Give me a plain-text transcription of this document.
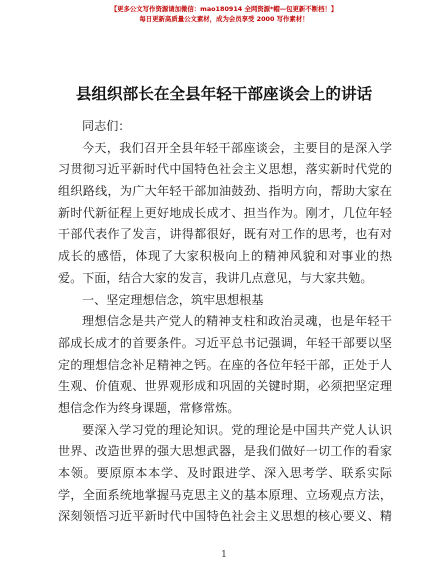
【更多公文写作资源请加微信：mao180914 全网资源*帽—包更新不断档！】
每日更新高质量公文素材，成为会员享受 2000 写作素材！
县组织部长在全县年轻干部座谈会上的讲话
同志们：
今天，我们召开全县年轻干部座谈会，主要目的是深入学
习贯彻习近平新时代中国特色社会主义思想，落实新时代党的
组织路线，为广大年轻干部加油鼓劲、指明方向，帮助大家在
新时代新征程上更好地成长成才、担当作为。刚才，几位年轻
干部代表作了发言，讲得都很好，既有对工作的思考，也有对
成长的感悟，体现了大家积极向上的精神风貌和对事业的热
爱。下面，结合大家的发言，我讲几点意见，与大家共勉。
一、坚定理想信念，筑牢思想根基
理想信念是共产党人的精神支柱和政治灵魂，也是年轻干
部成长成才的首要条件。习近平总书记强调，年轻干部要以坚
定的理想信念补足精神之钙。在座的各位年轻干部，正处于人
生观、价值观、世界观形成和巩固的关键时期，必须把坚定理
想信念作为终身课题，常修常炼。
要深入学习党的理论知识。党的理论是中国共产党人认识
世界、改造世界的强大思想武器，是我们做好一切工作的看家
本领。要原原本本学、及时跟进学、深入思考学、联系实际
学，全面系统地掌握马克思主义的基本原理、立场观点方法，
深刻领悟习近平新时代中国特色社会主义思想的核心要义、精
1
